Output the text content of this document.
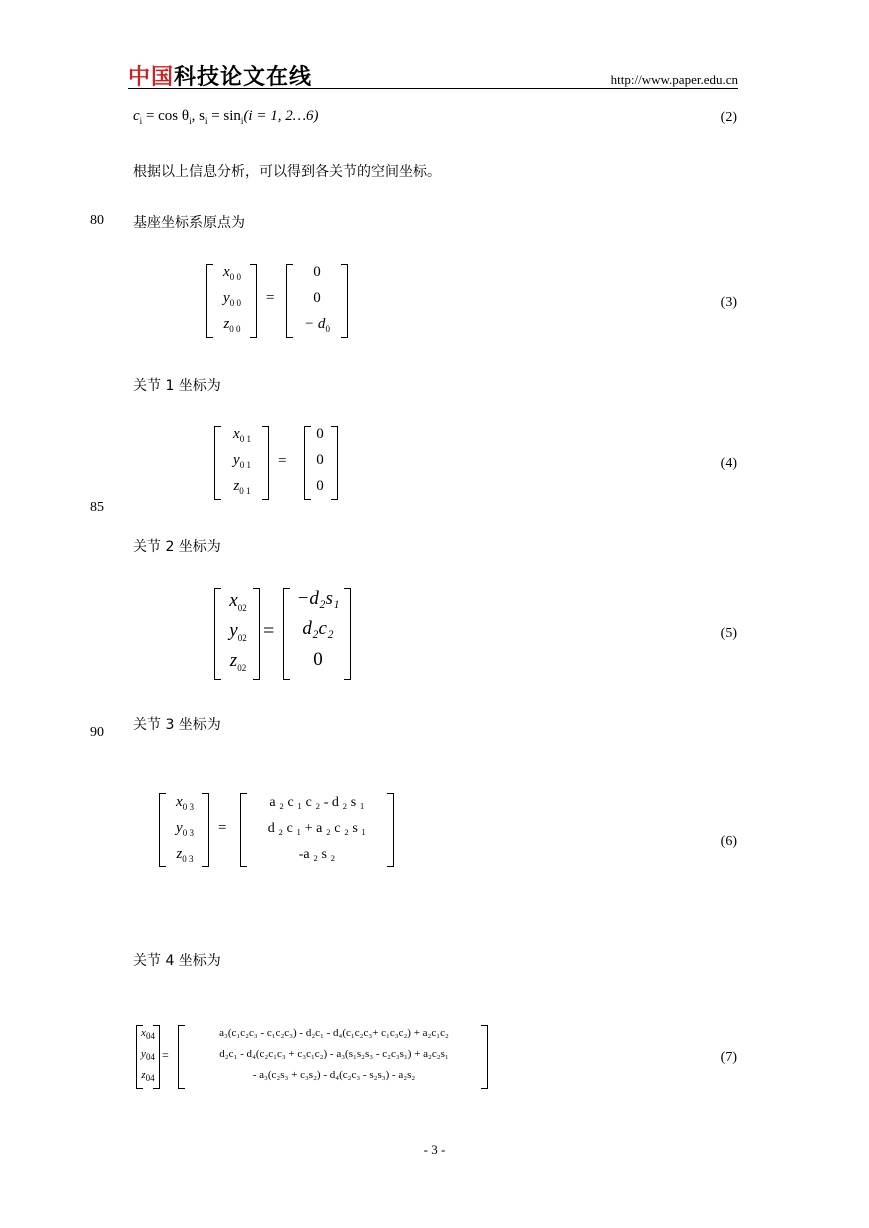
中国科技论文在线	http://www.paper.edu.cn
$c_i = \cos \theta_i$, $s_i = \sin_i(i = 1$, 2…6)	(2)
根据以上信息分析，可以得到各关节的空间坐标。
80 基座坐标系原点为
$x_{0 0}$
$y_{0 0}$
$z_{0 0}$
=
0
0
− $d_0$
(3)
关节 1 坐标为
$x_{0 1}$
$y_{0 1}$
$z_{0 1}$
=
0
0
0
(4)
85
关节 2 坐标为
$x_{02}$
$y_{02}$
$z_{02}$
=
−d₂s₁
d₂c₂
0
(5)
关节 3 坐标为
90
$x_{0 3}$
$y_{0 3}$
$z_{0 3}$
=
a ₂ c ₁ c ₂ - d ₂ s ₁
d ₂ c ₁ + a ₂ c ₂ s ₁
-a ₂ s ₂
(6)
关节 4 坐标为
$x_{04}$
$y_{04}$
$z_{04}$
=
a₃(c₁c₂c₃ - c₁c₂c₃) - d₂c₁ - d₄(c₁c₂c₃+ c₁c₃c₂) + a₂c₁c₂
d₂c₁ - d₄(c₂c₁c₃ + c₃c₁c₂) - a₃(s₁s₂s₃ - c₂c₃s₁) + a₂c₂s₁
- a₃(c₂s₃ + c₃s₂) - d₄(c₂c₃ - s₂s₃) - a₂s₂
(7)
- 3 -
